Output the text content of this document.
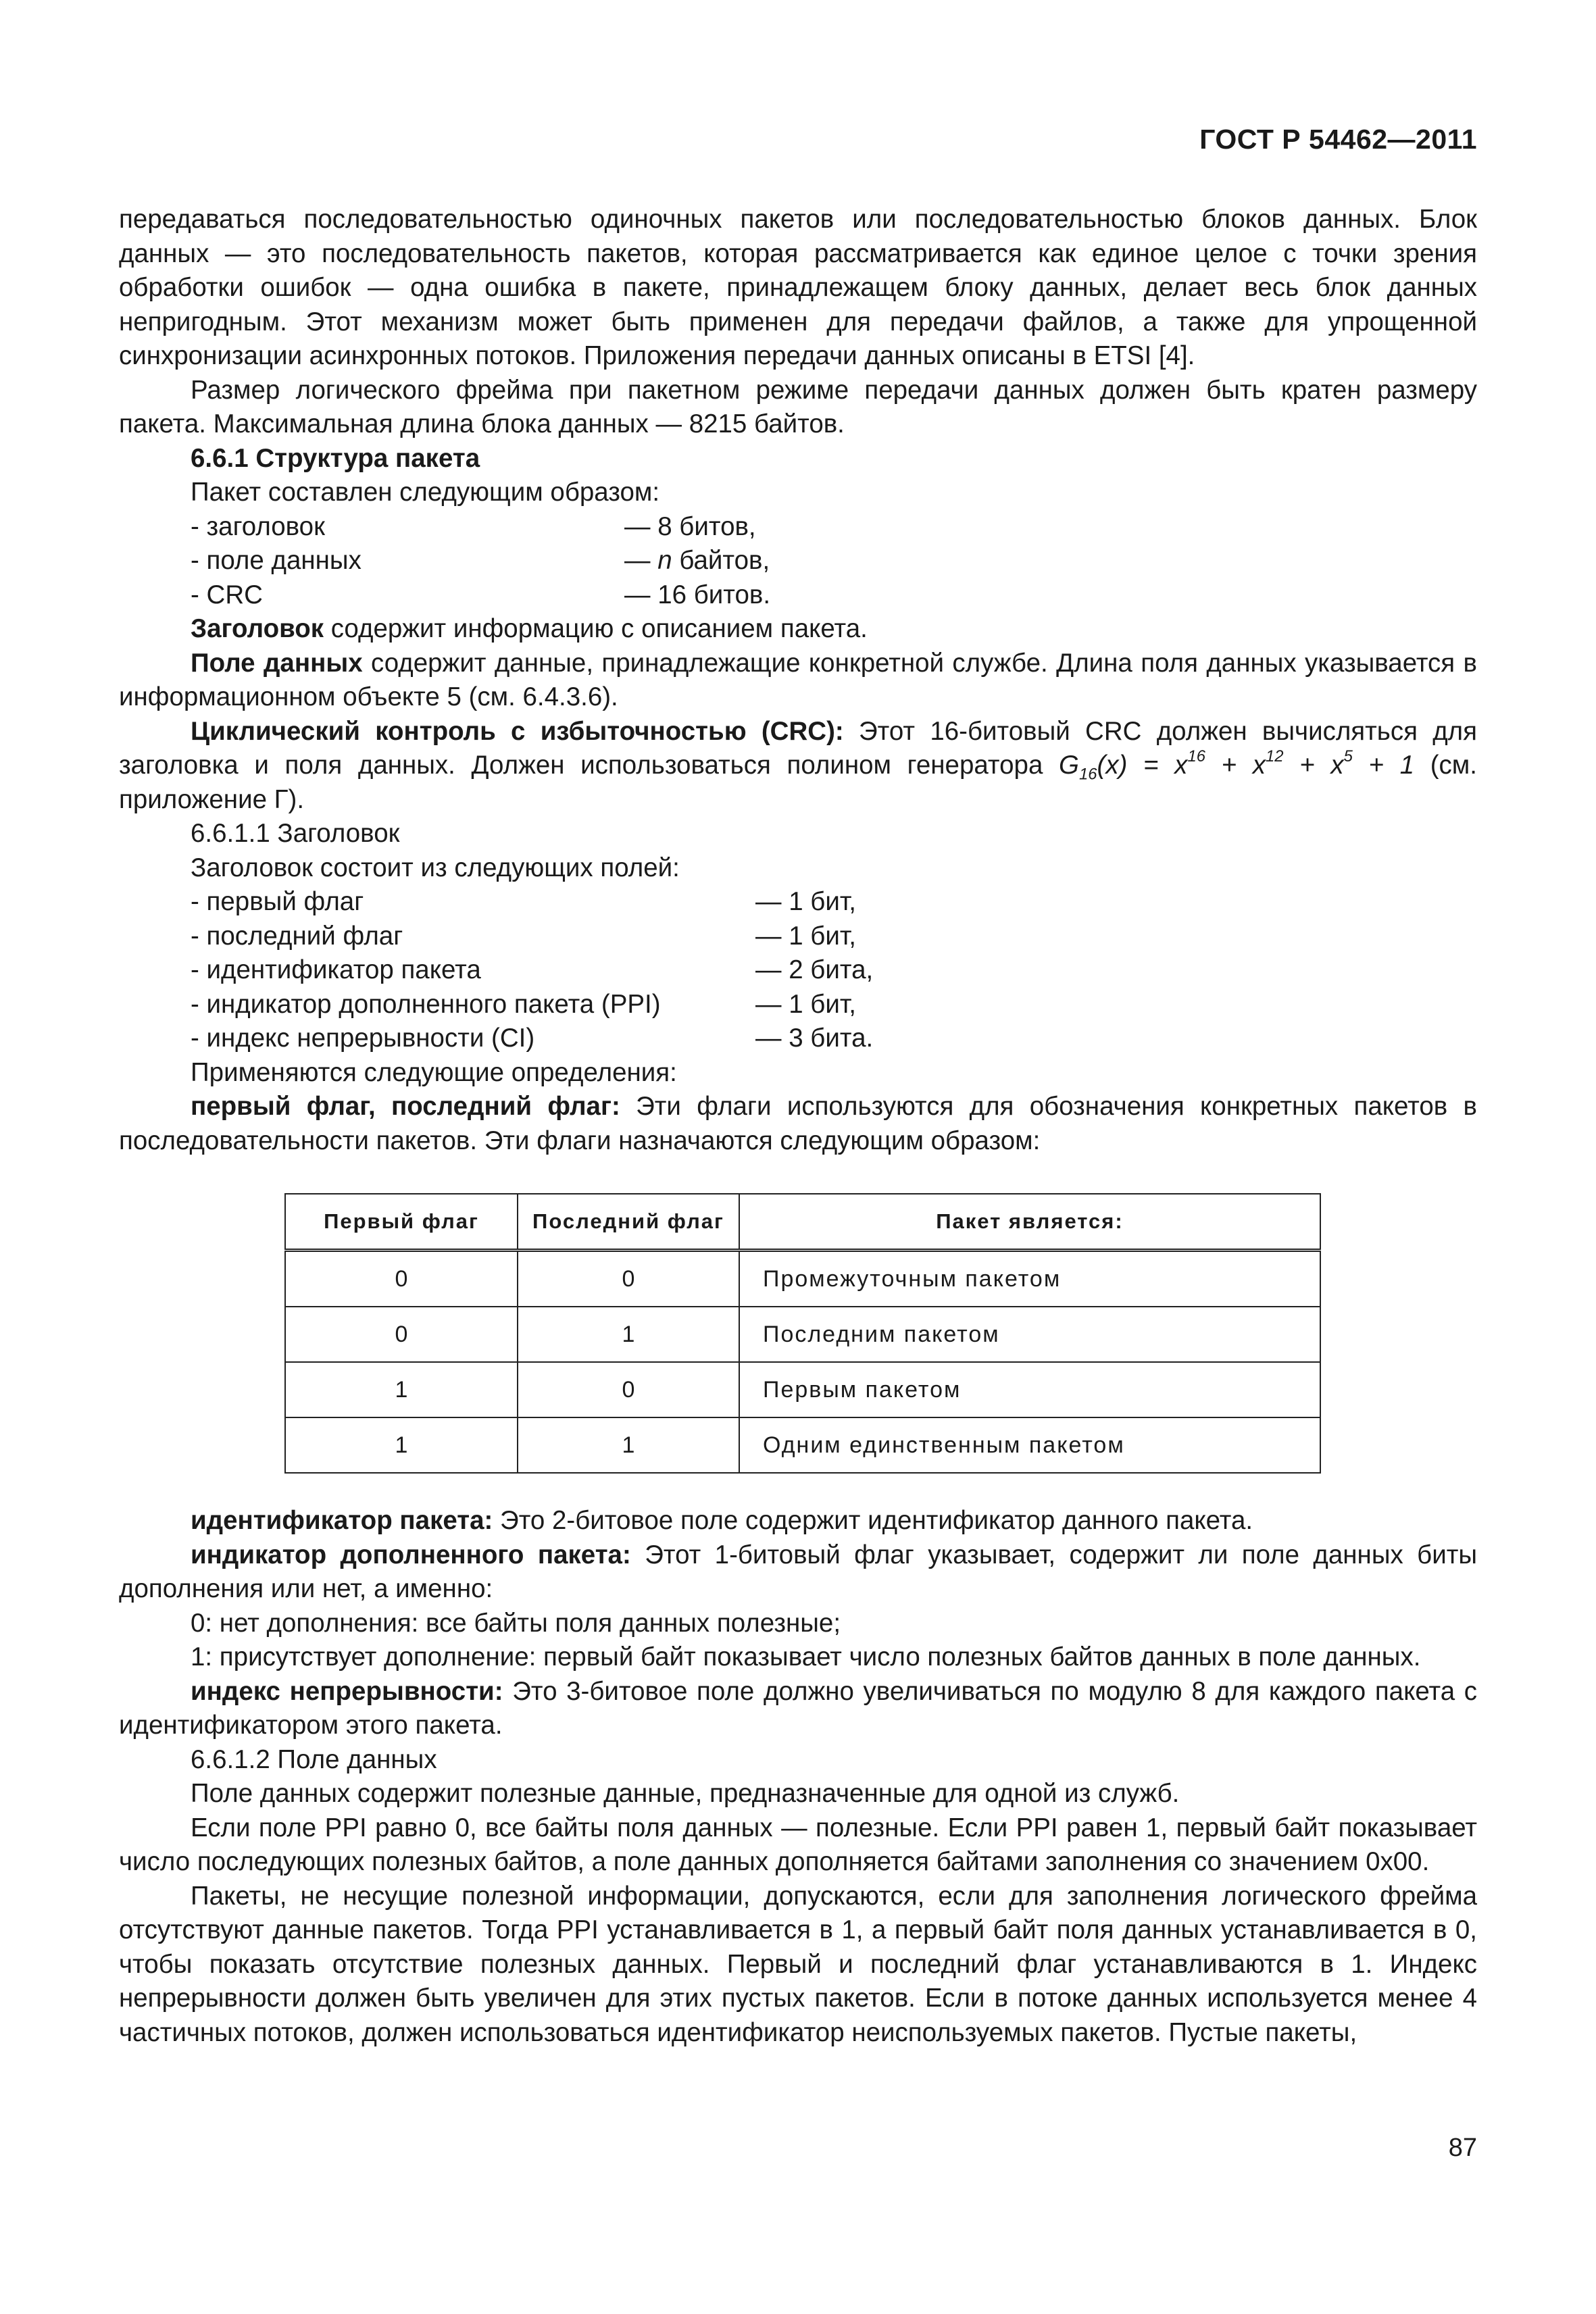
ГОСТ Р 54462—2011

передаваться последовательностью одиночных пакетов или последовательностью блоков данных. Блок данных — это последовательность пакетов, которая рассматривается как единое целое с точки зрения обработки ошибок — одна ошибка в пакете, принадлежащем блоку данных, делает весь блок данных непригодным. Этот механизм может быть применен для передачи файлов, а также для упрощенной синхронизации асинхронных потоков. Приложения передачи данных описаны в ETSI [4].

Размер логического фрейма при пакетном режиме передачи данных должен быть кратен размеру пакета. Максимальная длина блока данных — 8215 байтов.

6.6.1 Структура пакета

Пакет составлен следующим образом:

- заголовок	— 8 битов,
- поле данных	— n байтов,
- CRC	— 16 битов.

Заголовок содержит информацию с описанием пакета.

Поле данных содержит данные, принадлежащие конкретной службе. Длина поля данных указывается в информационном объекте 5 (см. 6.4.3.6).

Циклический контроль с избыточностью (CRC): Этот 16-битовый CRC должен вычисляться для заголовка и поля данных. Должен использоваться полином генератора $G_{16}(x) = x^{16} + x^{12} + x^5 + 1$ (см. приложение Г).

6.6.1.1 Заголовок

Заголовок состоит из следующих полей:

- первый флаг	— 1 бит,
- последний флаг	— 1 бит,
- идентификатор пакета	— 2 бита,
- индикатор дополненного пакета (PPI)	— 1 бит,
- индекс непрерывности (CI)	— 3 бита.

Применяются следующие определения:

первый флаг, последний флаг: Эти флаги используются для обозначения конкретных пакетов в последовательности пакетов. Эти флаги назначаются следующим образом:

Первый флаг	Последний флаг	Пакет является:
0	0	Промежуточным пакетом
0	1	Последним пакетом
1	0	Первым пакетом
1	1	Одним единственным пакетом

идентификатор пакета: Это 2-битовое поле содержит идентификатор данного пакета.

индикатор дополненного пакета: Этот 1-битовый флаг указывает, содержит ли поле данных биты дополнения или нет, а именно:

0: нет дополнения: все байты поля данных полезные;

1: присутствует дополнение: первый байт показывает число полезных байтов данных в поле данных.

индекс непрерывности: Это 3-битовое поле должно увеличиваться по модулю 8 для каждого пакета с идентификатором этого пакета.

6.6.1.2 Поле данных

Поле данных содержит полезные данные, предназначенные для одной из служб.

Если поле PPI равно 0, все байты поля данных — полезные. Если PPI равен 1, первый байт показывает число последующих полезных байтов, а поле данных дополняется байтами заполнения со значением 0x00.

Пакеты, не несущие полезной информации, допускаются, если для заполнения логического фрейма отсутствуют данные пакетов. Тогда PPI устанавливается в 1, а первый байт поля данных устанавливается в 0, чтобы показать отсутствие полезных данных. Первый и последний флаг устанавливаются в 1. Индекс непрерывности должен быть увеличен для этих пустых пакетов. Если в потоке данных используется менее 4 частичных потоков, должен использоваться идентификатор неиспользуемых пакетов. Пустые пакеты,

87
